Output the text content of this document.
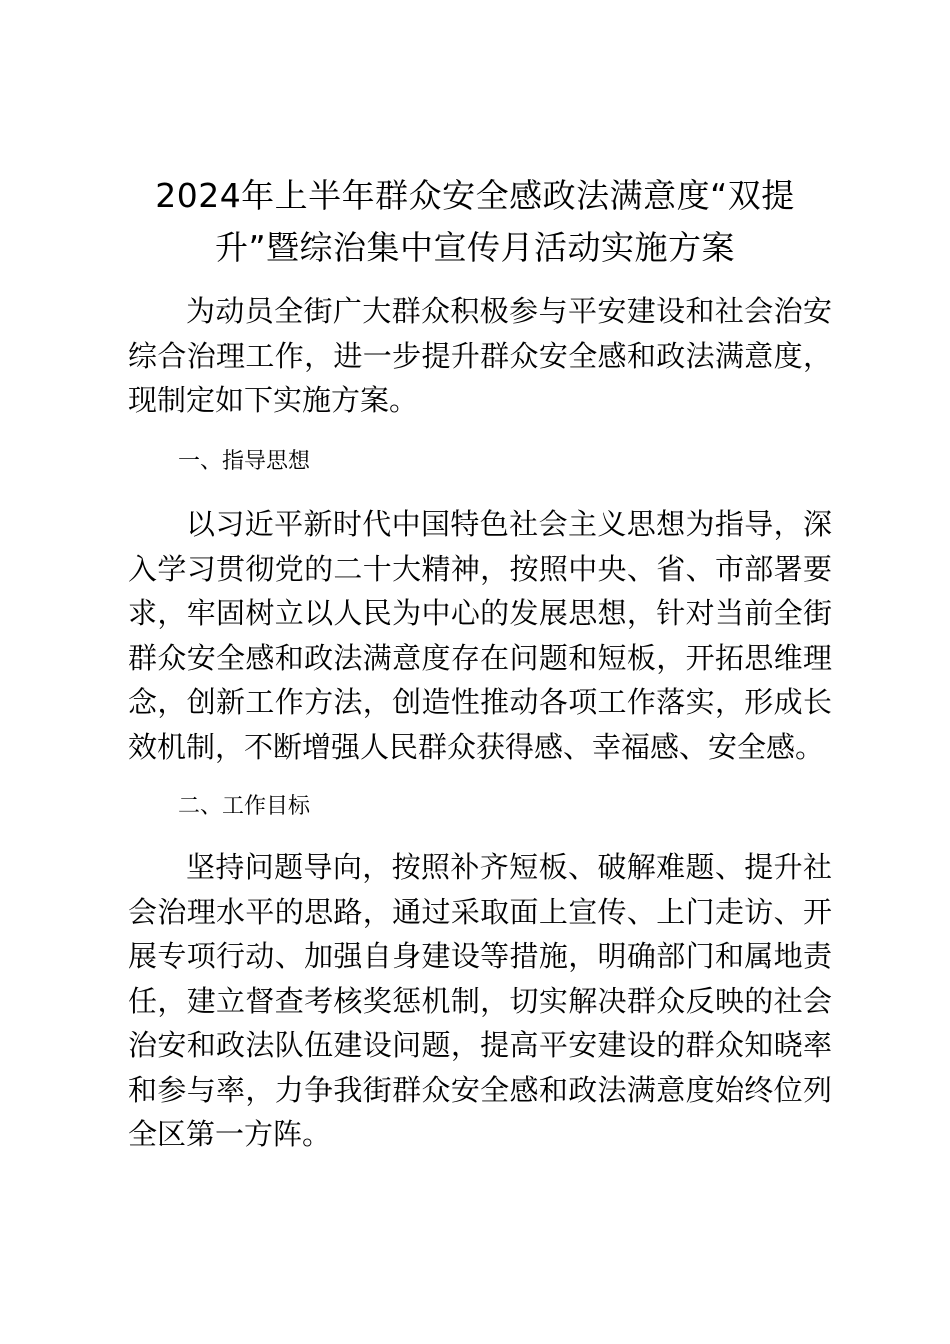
2024年上半年群众安全感政法满意度“双提
升”暨综治集中宣传月活动实施方案

为动员全街广大群众积极参与平安建设和社会治安综合治理工作，进一步提升群众安全感和政法满意度，现制定如下实施方案。

一、指导思想

以习近平新时代中国特色社会主义思想为指导，深入学习贯彻党的二十大精神，按照中央、省、市部署要求，牢固树立以人民为中心的发展思想，针对当前全街群众安全感和政法满意度存在问题和短板，开拓思维理念，创新工作方法，创造性推动各项工作落实，形成长效机制，不断增强人民群众获得感、幸福感、安全感。

二、工作目标

坚持问题导向，按照补齐短板、破解难题、提升社会治理水平的思路，通过采取面上宣传、上门走访、开展专项行动、加强自身建设等措施，明确部门和属地责任，建立督查考核奖惩机制，切实解决群众反映的社会治安和政法队伍建设问题，提高平安建设的群众知晓率和参与率，力争我街群众安全感和政法满意度始终位列全区第一方阵。
